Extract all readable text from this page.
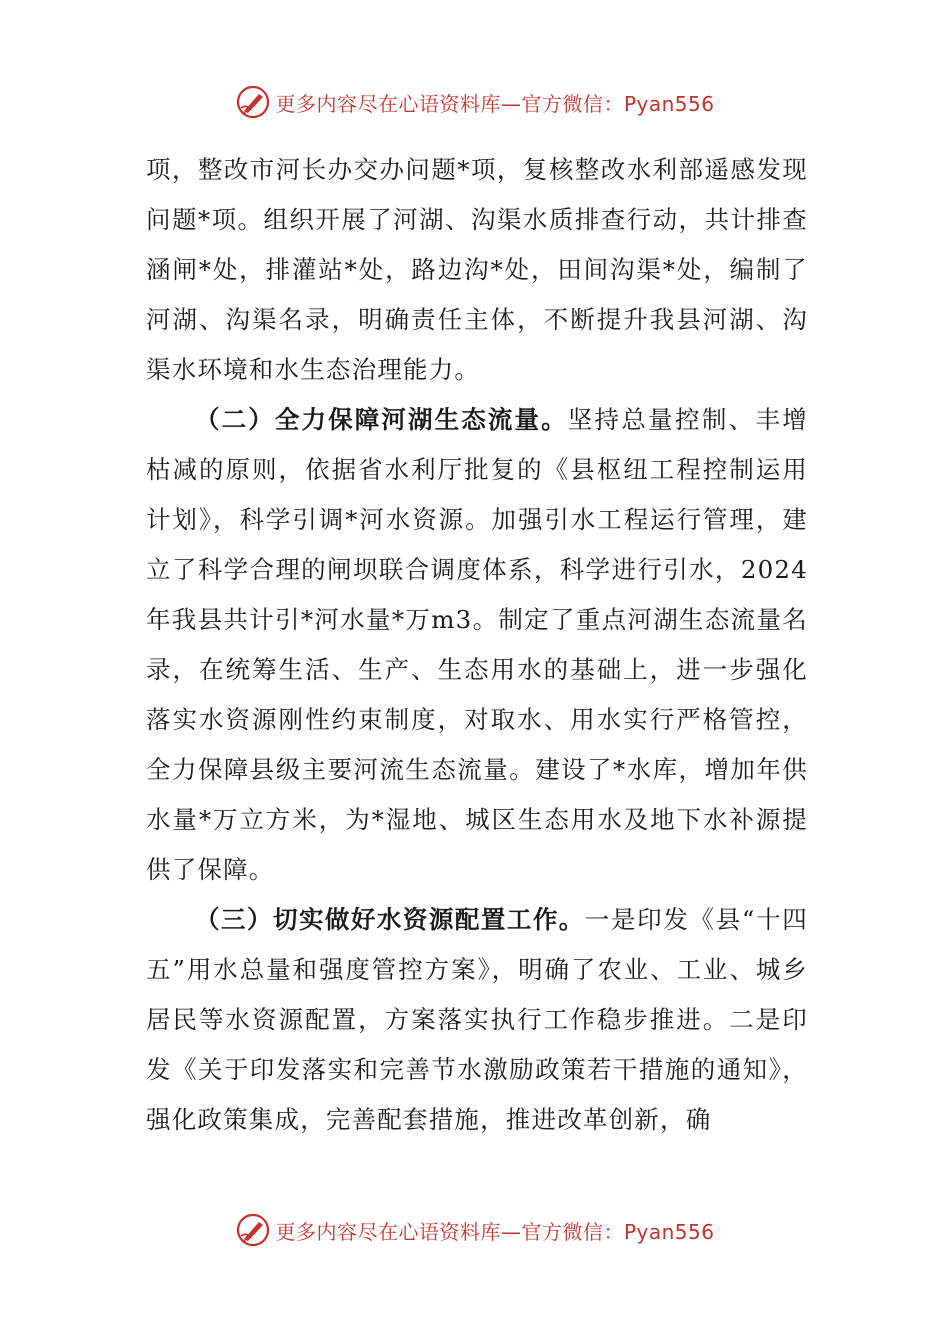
更多内容尽在心语资料库—官方微信：Pyan556

项，整改市河长办交办问题*项，复核整改水利部遥感发现问题*项。组织开展了河湖、沟渠水质排查行动，共计排查涵闸*处，排灌站*处，路边沟*处，田间沟渠*处，编制了河湖、沟渠名录，明确责任主体，不断提升我县河湖、沟渠水环境和水生态治理能力。

（二）全力保障河湖生态流量。坚持总量控制、丰增枯减的原则，依据省水利厅批复的《县枢纽工程控制运用计划》，科学引调*河水资源。加强引水工程运行管理，建立了科学合理的闸坝联合调度体系，科学进行引水，2024年我县共计引*河水量*万m3。制定了重点河湖生态流量名录，在统筹生活、生产、生态用水的基础上，进一步强化落实水资源刚性约束制度，对取水、用水实行严格管控，全力保障县级主要河流生态流量。建设了*水库，增加年供水量*万立方米，为*湿地、城区生态用水及地下水补源提供了保障。

（三）切实做好水资源配置工作。一是印发《县“十四五”用水总量和强度管控方案》，明确了农业、工业、城乡居民等水资源配置，方案落实执行工作稳步推进。二是印发《关于印发落实和完善节水激励政策若干措施的通知》，强化政策集成，完善配套措施，推进改革创新，确

更多内容尽在心语资料库—官方微信：Pyan556
